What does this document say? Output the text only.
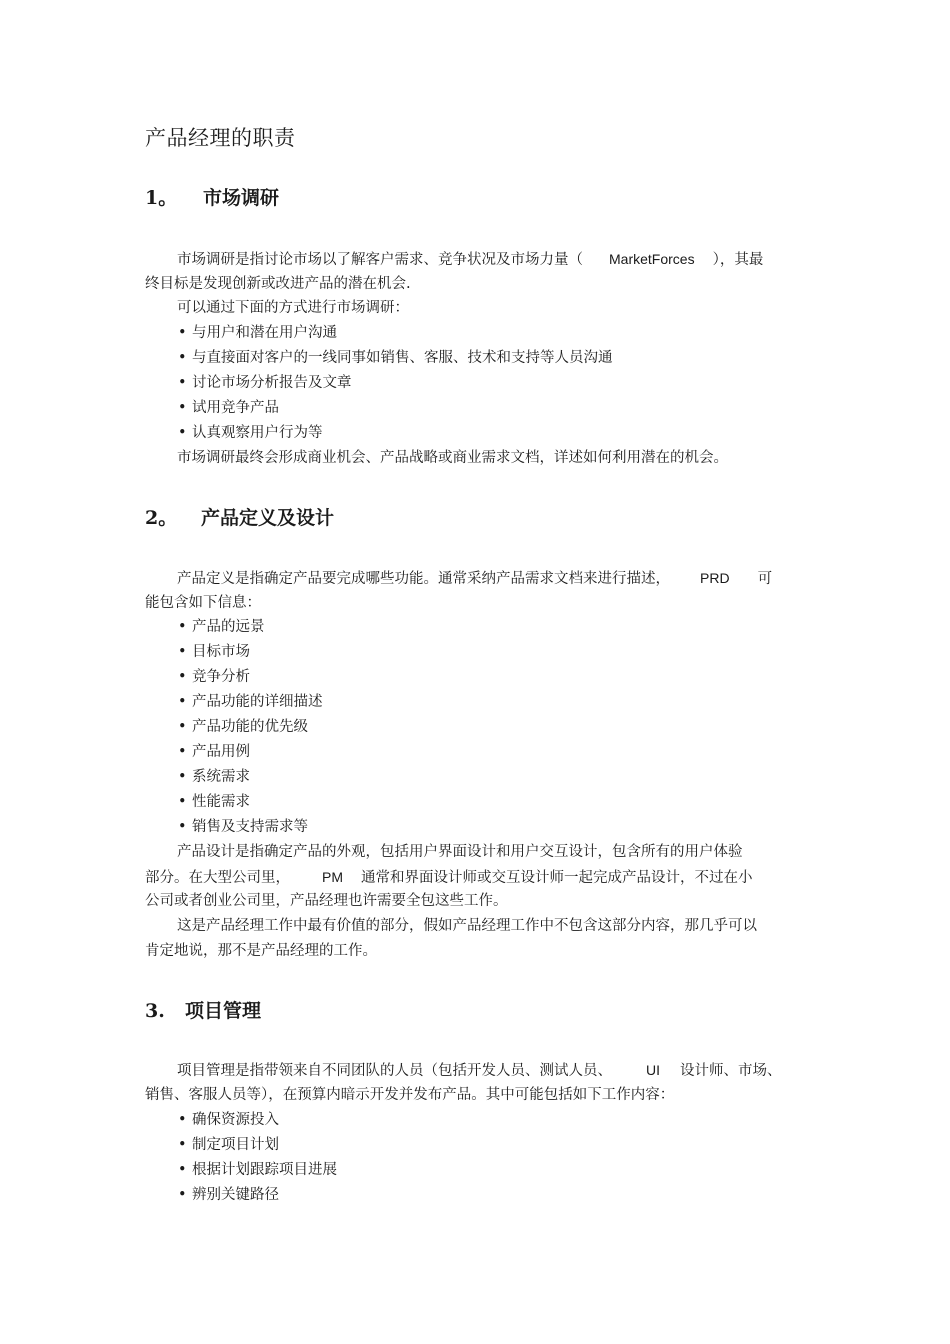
产品经理的职责
1。 市场调研

市场调研是指讨论市场以了解客户需求、竞争状况及市场力量（ MarketForces ），其最

终目标是发现创新或改进产品的潜在机会.

可以通过下面的方式进行市场调研：

• 与用户和潜在用户沟通

• 与直接面对客户的一线同事如销售、客服、技术和支持等人员沟通

• 讨论市场分析报告及文章

• 试用竞争产品

• 认真观察用户行为等

市场调研最终会形成商业机会、产品战略或商业需求文档，详述如何利用潜在的机会。

2。 产品定义及设计

产品定义是指确定产品要完成哪些功能。通常采纳产品需求文档来进行描述， PRD 可

能包含如下信息：

• 产品的远景

• 目标市场

• 竞争分析

• 产品功能的详细描述

• 产品功能的优先级

• 产品用例

• 系统需求

• 性能需求

• 销售及支持需求等

产品设计是指确定产品的外观，包括用户界面设计和用户交互设计，包含所有的用户体验

部分。在大型公司里， PM 通常和界面设计师或交互设计师一起完成产品设计，不过在小

公司或者创业公司里，产品经理也许需要全包这些工作。

这是产品经理工作中最有价值的部分，假如产品经理工作中不包含这部分内容，那几乎可以

肯定地说，那不是产品经理的工作。

3. 项目管理

项目管理是指带领来自不同团队的人员（包括开发人员、测试人员、 UI 设计师、市场、

销售、客服人员等），在预算内暗示开发并发布产品。其中可能包括如下工作内容：

• 确保资源投入

• 制定项目计划

• 根据计划跟踪项目进展

• 辨别关键路径
